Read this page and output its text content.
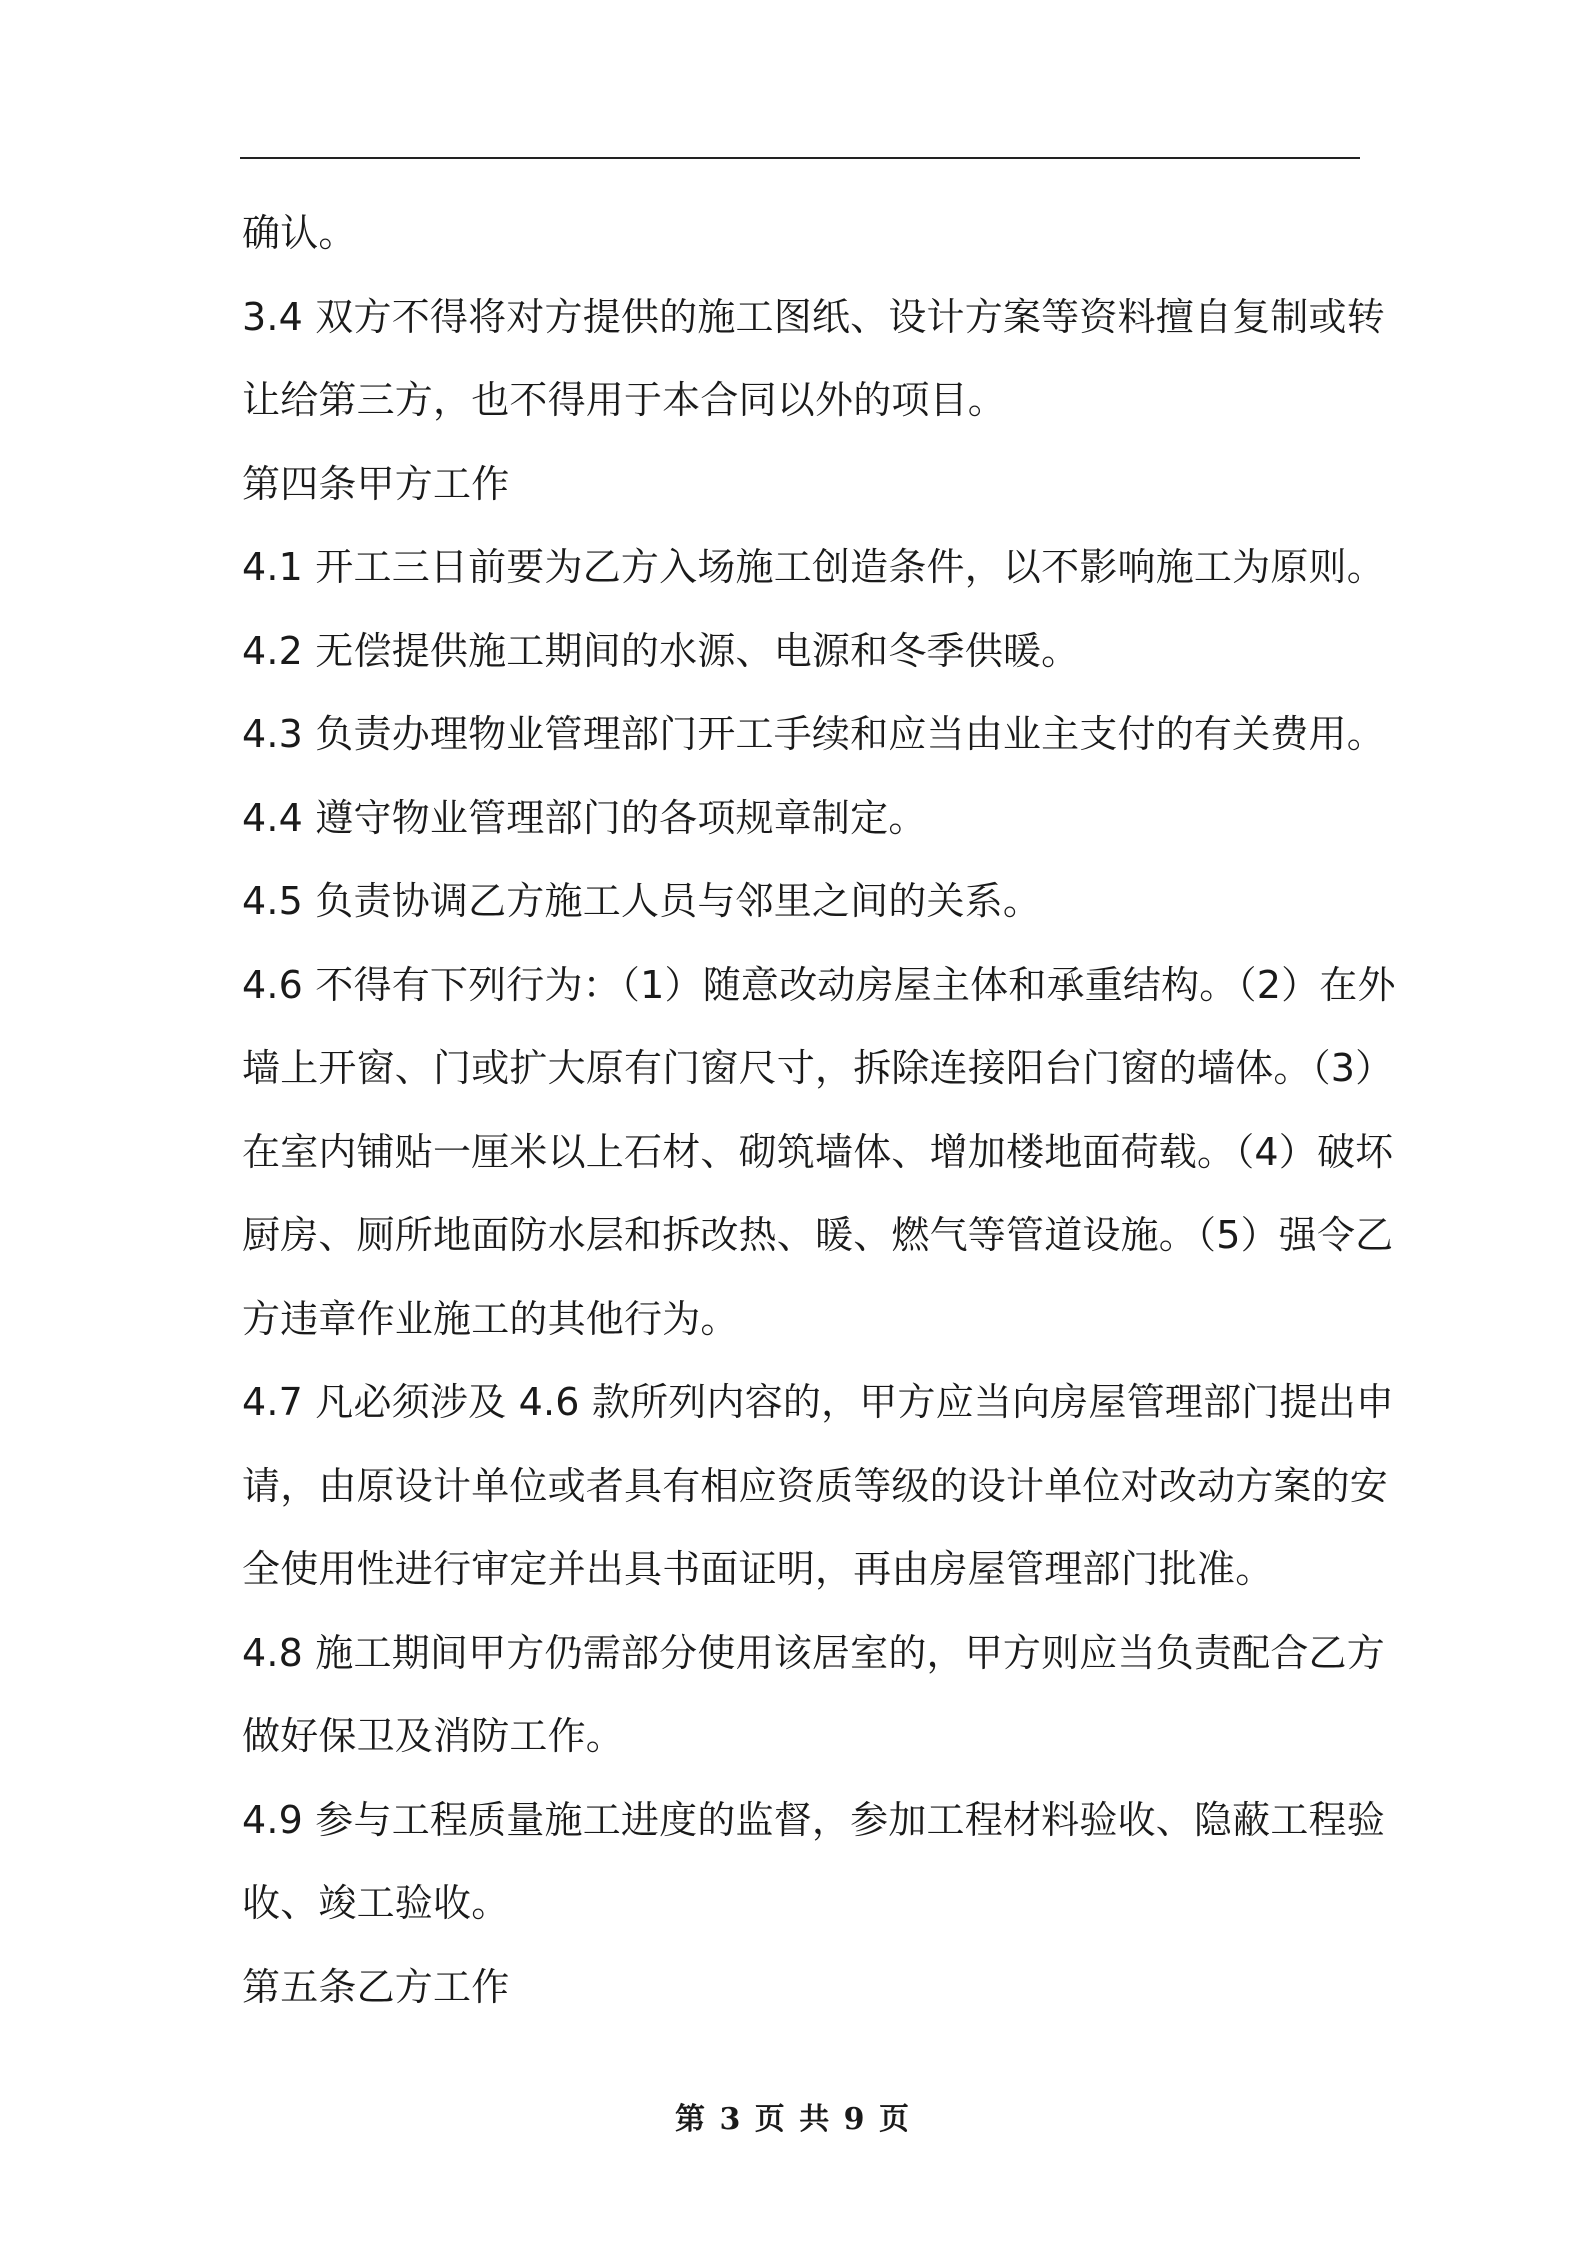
确认。

3.4 双方不得将对方提供的施工图纸、设计方案等资料擅自复制或转

让给第三方，也不得用于本合同以外的项目。

第四条甲方工作

4.1 开工三日前要为乙方入场施工创造条件，以不影响施工为原则。

4.2 无偿提供施工期间的水源、电源和冬季供暖。

4.3 负责办理物业管理部门开工手续和应当由业主支付的有关费用。

4.4 遵守物业管理部门的各项规章制定。

4.5 负责协调乙方施工人员与邻里之间的关系。

4.6 不得有下列行为：（1）随意改动房屋主体和承重结构。（2）在外

墙上开窗、门或扩大原有门窗尺寸，拆除连接阳台门窗的墙体。（3）

在室内铺贴一厘米以上石材、砌筑墙体、增加楼地面荷载。（4）破坏

厨房、厕所地面防水层和拆改热、暖、燃气等管道设施。（5）强令乙

方违章作业施工的其他行为。

4.7 凡必须涉及 4.6 款所列内容的，甲方应当向房屋管理部门提出申

请，由原设计单位或者具有相应资质等级的设计单位对改动方案的安

全使用性进行审定并出具书面证明，再由房屋管理部门批准。

4.8 施工期间甲方仍需部分使用该居室的，甲方则应当负责配合乙方

做好保卫及消防工作。

4.9 参与工程质量施工进度的监督，参加工程材料验收、隐蔽工程验

收、竣工验收。

第五条乙方工作

第 3 页 共 9 页
